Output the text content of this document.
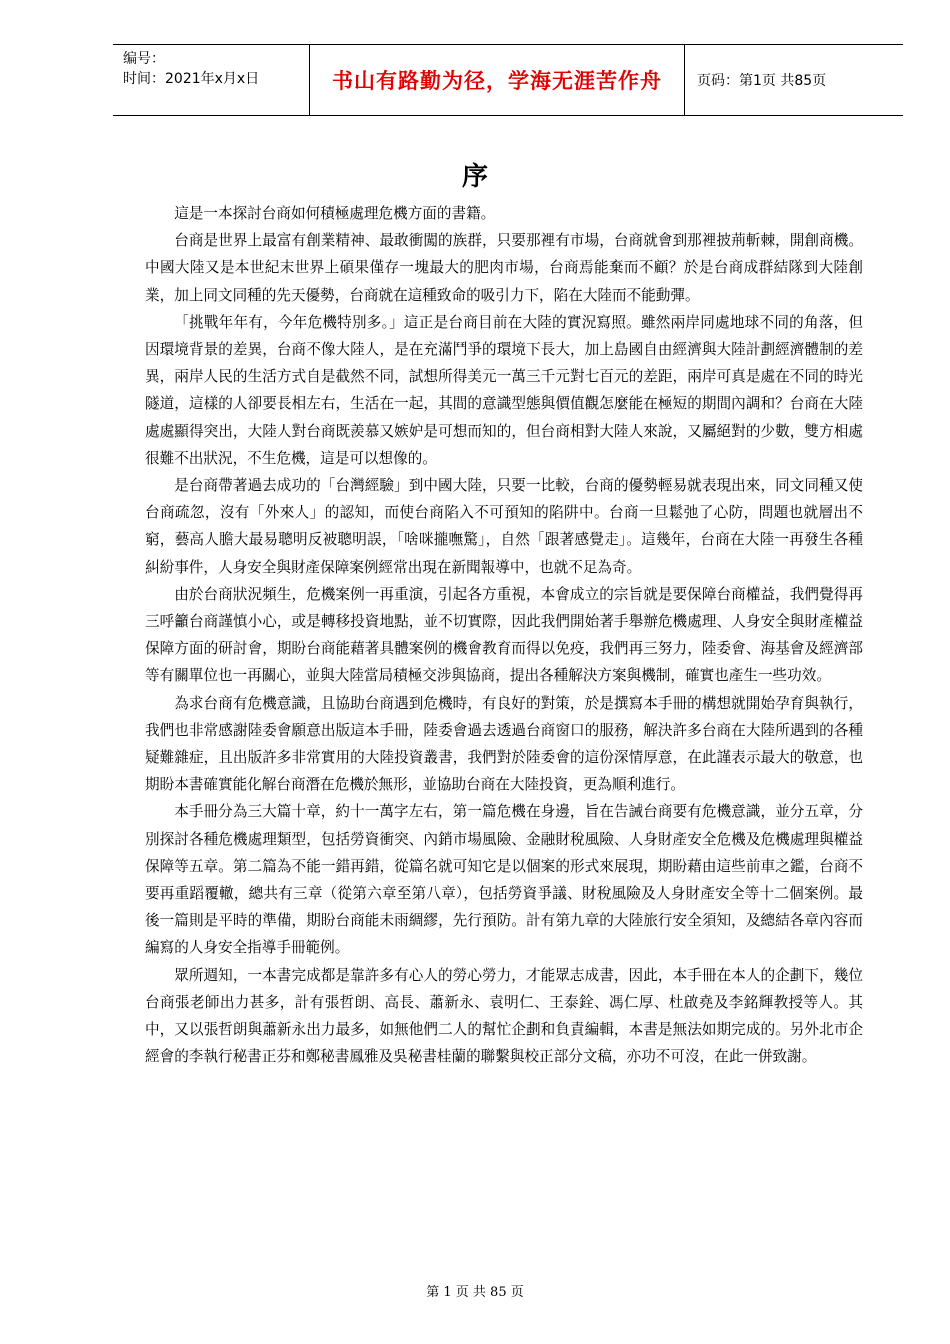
编号：
时间：2021年x月x日	书山有路勤为径，学海无涯苦作舟	页码：第1页 共85页
序

這是一本探討台商如何積極處理危機方面的書籍。

台商是世界上最富有創業精神、最敢衝闖的族群，只要那裡有市場，台商就會到那裡披荊斬棘，開創商機。中國大陸又是本世紀末世界上碩果僅存一塊最大的肥肉市場，台商焉能棄而不顧？於是台商成群結隊到大陸創業，加上同文同種的先天優勢，台商就在這種致命的吸引力下，陷在大陸而不能動彈。

「挑戰年年有，今年危機特別多。」這正是台商目前在大陸的實況寫照。雖然兩岸同處地球不同的角落，但因環境背景的差異，台商不像大陸人，是在充滿鬥爭的環境下長大，加上島國自由經濟與大陸計劃經濟體制的差異，兩岸人民的生活方式自是截然不同，試想所得美元一萬三千元對七百元的差距，兩岸可真是處在不同的時光隧道，這樣的人卻要長相左右，生活在一起，其間的意識型態與價值觀怎麼能在極短的期間內調和？台商在大陸處處顯得突出，大陸人對台商既羨慕又嫉妒是可想而知的，但台商相對大陸人來說，又屬絕對的少數，雙方相處很難不出狀況，不生危機，這是可以想像的。

是台商帶著過去成功的「台灣經驗」到中國大陸，只要一比較，台商的優勢輕易就表現出來，同文同種又使台商疏忽，沒有「外來人」的認知，而使台商陷入不可預知的陷阱中。台商一旦鬆弛了心防，問題也就層出不窮，藝高人膽大最易聰明反被聰明誤，「啥咪攏嘸驚」，自然「跟著感覺走」。這幾年，台商在大陸一再發生各種糾紛事件，人身安全與財產保障案例經常出現在新聞報導中，也就不足為奇。

由於台商狀況頻生，危機案例一再重演，引起各方重視，本會成立的宗旨就是要保障台商權益，我們覺得再三呼籲台商謹慎小心，或是轉移投資地點，並不切實際，因此我們開始著手舉辦危機處理、人身安全與財產權益保障方面的研討會，期盼台商能藉著具體案例的機會教育而得以免疫，我們再三努力，陸委會、海基會及經濟部等有關單位也一再關心，並與大陸當局積極交涉與協商，提出各種解決方案與機制，確實也產生一些功效。

為求台商有危機意識，且協助台商遇到危機時，有良好的對策，於是撰寫本手冊的構想就開始孕育與執行，我們也非常感謝陸委會願意出版這本手冊，陸委會過去透過台商窗口的服務，解決許多台商在大陸所遇到的各種疑難雜症，且出版許多非常實用的大陸投資叢書，我們對於陸委會的這份深情厚意，在此謹表示最大的敬意，也期盼本書確實能化解台商潛在危機於無形，並協助台商在大陸投資，更為順利進行。

本手冊分為三大篇十章，約十一萬字左右，第一篇危機在身邊，旨在告誡台商要有危機意識，並分五章，分別探討各種危機處理類型，包括勞資衝突、內銷市場風險、金融財稅風險、人身財產安全危機及危機處理與權益保障等五章。第二篇為不能一錯再錯，從篇名就可知它是以個案的形式來展現，期盼藉由這些前車之鑑，台商不要再重蹈覆轍，總共有三章（從第六章至第八章），包括勞資爭議、財稅風險及人身財產安全等十二個案例。最後一篇則是平時的準備，期盼台商能未雨綢繆，先行預防。計有第九章的大陸旅行安全須知，及總結各章內容而編寫的人身安全指導手冊範例。

眾所週知，一本書完成都是靠許多有心人的勞心勞力，才能眾志成書，因此，本手冊在本人的企劃下，幾位台商張老師出力甚多，計有張哲朗、高長、蕭新永、袁明仁、王泰銓、馮仁厚、杜啟堯及李銘輝教授等人。其中，又以張哲朗與蕭新永出力最多，如無他們二人的幫忙企劃和負責編輯，本書是無法如期完成的。另外北市企經會的李執行秘書正芬和鄭秘書鳳雅及吳秘書桂蘭的聯繫與校正部分文稿，亦功不可沒，在此一併致謝。

第 1 页 共 85 页
